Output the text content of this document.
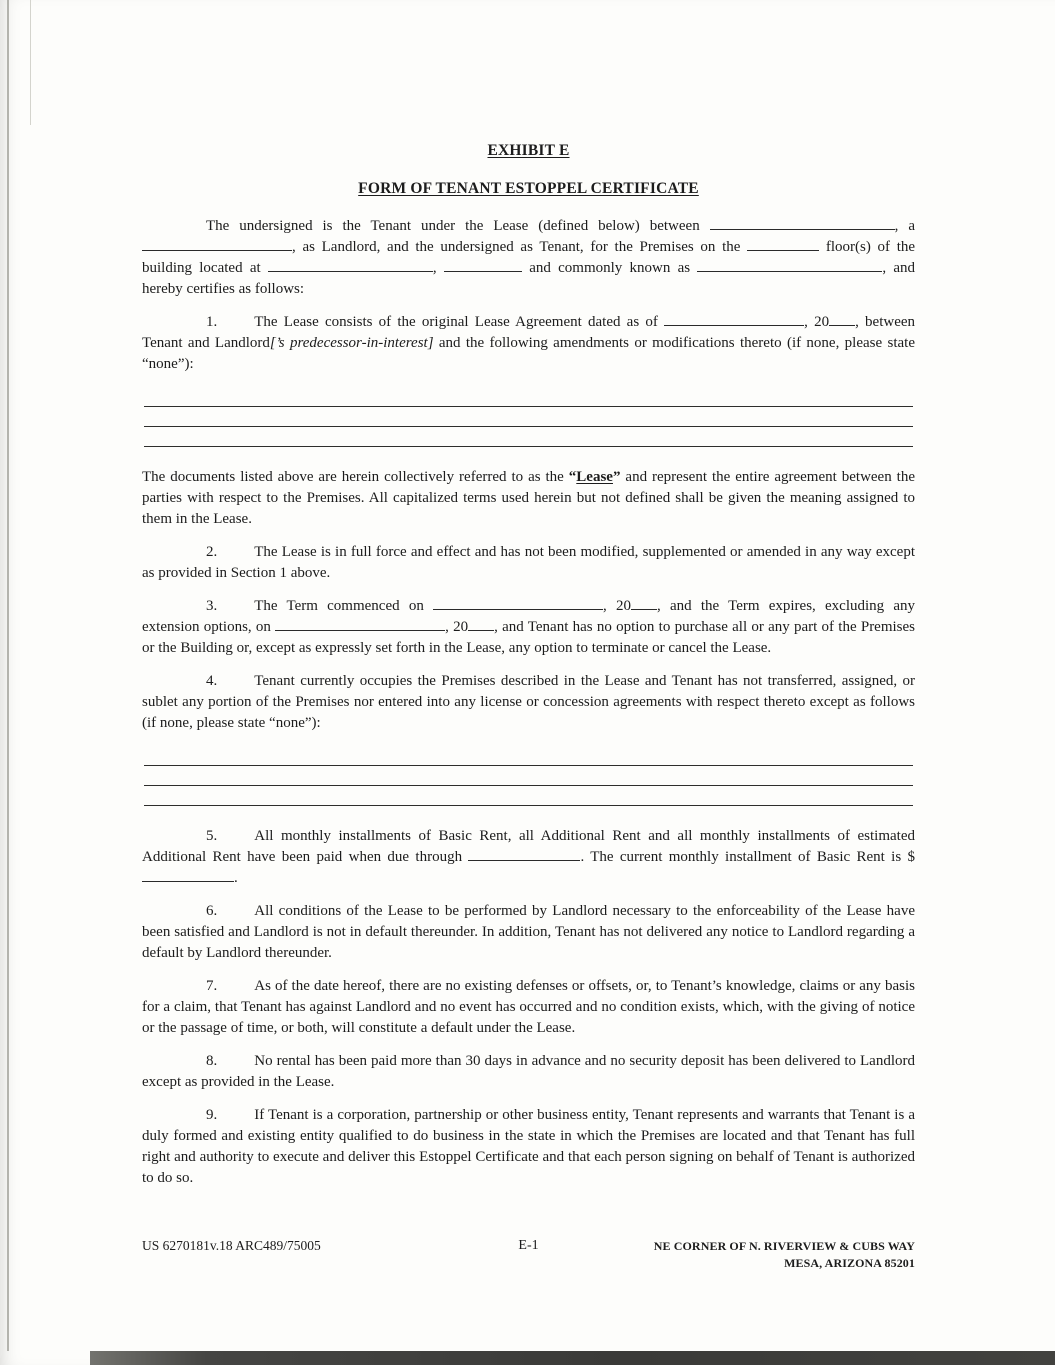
EXHIBIT E
FORM OF TENANT ESTOPPEL CERTIFICATE

The undersigned is the Tenant under the Lease (defined below) between	, a , as Landlord, and the undersigned as Tenant, for the Premises on the	floor(s) of the building located at	,	and commonly known as	, and hereby certifies as follows:

1. The Lease consists of the original Lease Agreement dated as of	, 20 , between Tenant and Landlord[’s predecessor-in-interest] and the following amendments or modifications thereto (if none, please state “none”):

The documents listed above are herein collectively referred to as the “Lease” and represent the entire agreement between the parties with respect to the Premises. All capitalized terms used herein but not defined shall be given the meaning assigned to them in the Lease.

2. The Lease is in full force and effect and has not been modified, supplemented or amended in any way except as provided in Section 1 above.

3. The Term commenced on	, 20 , and the Term expires, excluding any extension options, on	, 20 , and Tenant has no option to purchase all or any part of the Premises or the Building or, except as expressly set forth in the Lease, any option to terminate or cancel the Lease.

4. Tenant currently occupies the Premises described in the Lease and Tenant has not transferred, assigned, or sublet any portion of the Premises nor entered into any license or concession agreements with respect thereto except as follows (if none, please state “none”):

5. All monthly installments of Basic Rent, all Additional Rent and all monthly installments of estimated Additional Rent have been paid when due through	. The current monthly installment of Basic Rent is $.

6. All conditions of the Lease to be performed by Landlord necessary to the enforceability of the Lease have been satisfied and Landlord is not in default thereunder. In addition, Tenant has not delivered any notice to Landlord regarding a default by Landlord thereunder.

7. As of the date hereof, there are no existing defenses or offsets, or, to Tenant’s knowledge, claims or any basis for a claim, that Tenant has against Landlord and no event has occurred and no condition exists, which, with the giving of notice or the passage of time, or both, will constitute a default under the Lease.

8. No rental has been paid more than 30 days in advance and no security deposit has been delivered to Landlord except as provided in the Lease.

9. If Tenant is a corporation, partnership or other business entity, Tenant represents and warrants that Tenant is a duly formed and existing entity qualified to do business in the state in which the Premises are located and that Tenant has full right and authority to execute and deliver this Estoppel Certificate and that each person signing on behalf of Tenant is authorized to do so.

US 6270181v.18 ARC489/75005	E-1	NE CORNER OF N. RIVERVIEW & CUBS WAY
MESA, ARIZONA 85201
